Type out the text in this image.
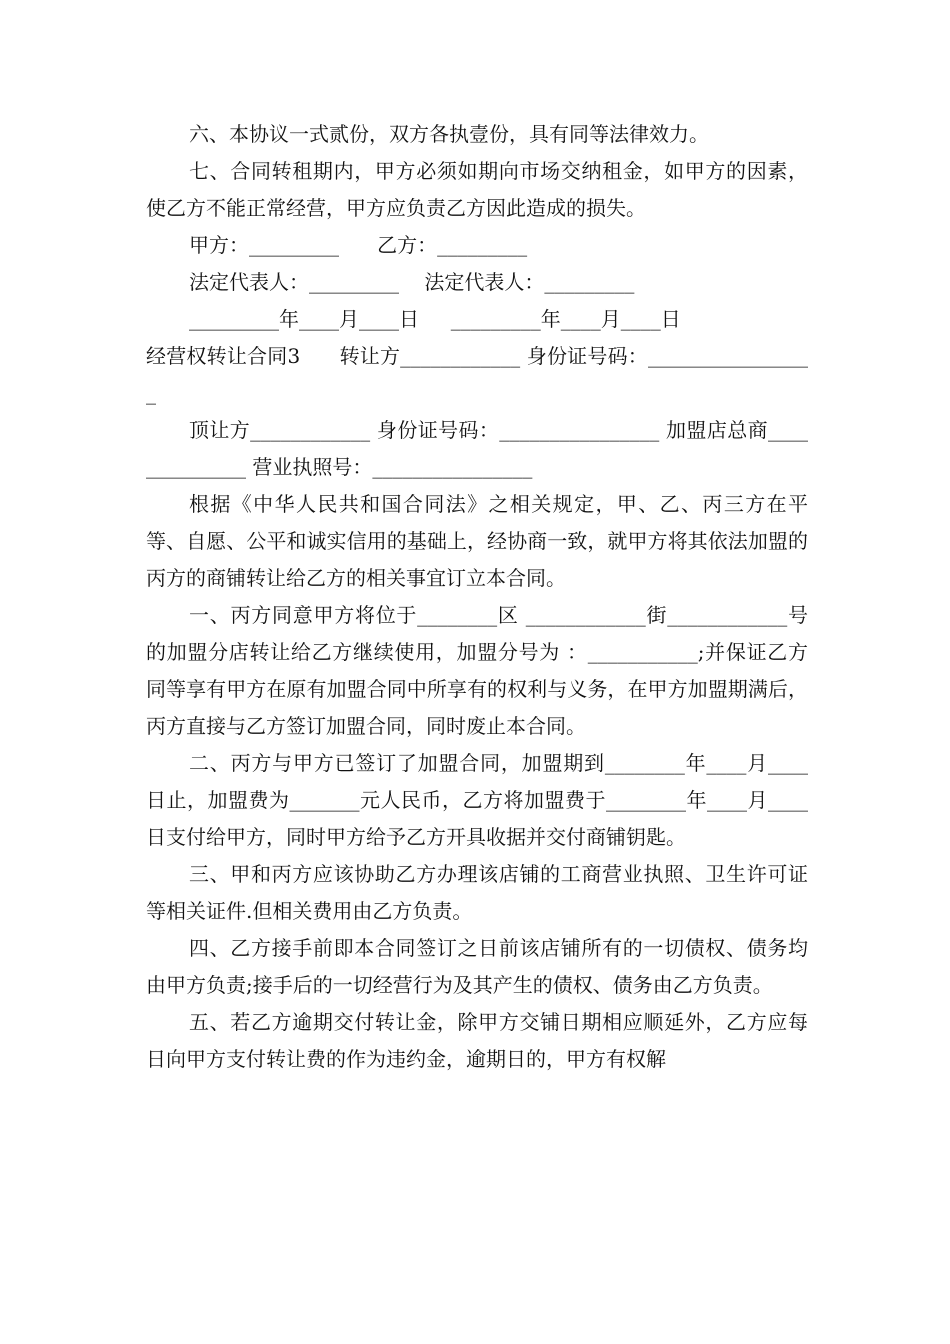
六、本协议一式贰份，双方各执壹份，具有同等法律效力。

七、合同转租期内，甲方必须如期向市场交纳租金，如甲方的因素，使乙方不能正常经营，甲方应负责乙方因此造成的损失。

甲方：_________      乙方：_________

法定代表人：_________    法定代表人：_________

_________年____月____日     _________年____月____日

经营权转让合同3      转让方____________ 身份证号码：_________________

顶让方____________ 身份证号码：________________ 加盟店总商______________ 营业执照号：________________

根据《中华人民共和国合同法》之相关规定，甲、乙、丙三方在平等、自愿、公平和诚实信用的基础上，经协商一致，就甲方将其依法加盟的丙方的商铺转让给乙方的相关事宜订立本合同。

一、丙方同意甲方将位于________区 ____________街____________号的加盟分店转让给乙方继续使用，加盟分号为 ：___________;并保证乙方同等享有甲方在原有加盟合同中所享有的权利与义务，在甲方加盟期满后，丙方直接与乙方签订加盟合同，同时废止本合同。

二、丙方与甲方已签订了加盟合同，加盟期到________年____月____日止，加盟费为_______元人民币，乙方将加盟费于________年____月____日支付给甲方，同时甲方给予乙方开具收据并交付商铺钥匙。

三、甲和丙方应该协助乙方办理该店铺的工商营业执照、卫生许可证等相关证件.但相关费用由乙方负责。

四、乙方接手前即本合同签订之日前该店铺所有的一切债权、债务均由甲方负责;接手后的一切经营行为及其产生的债权、债务由乙方负责。

五、若乙方逾期交付转让金，除甲方交铺日期相应顺延外，乙方应每日向甲方支付转让费的作为违约金，逾期日的，甲方有权解
